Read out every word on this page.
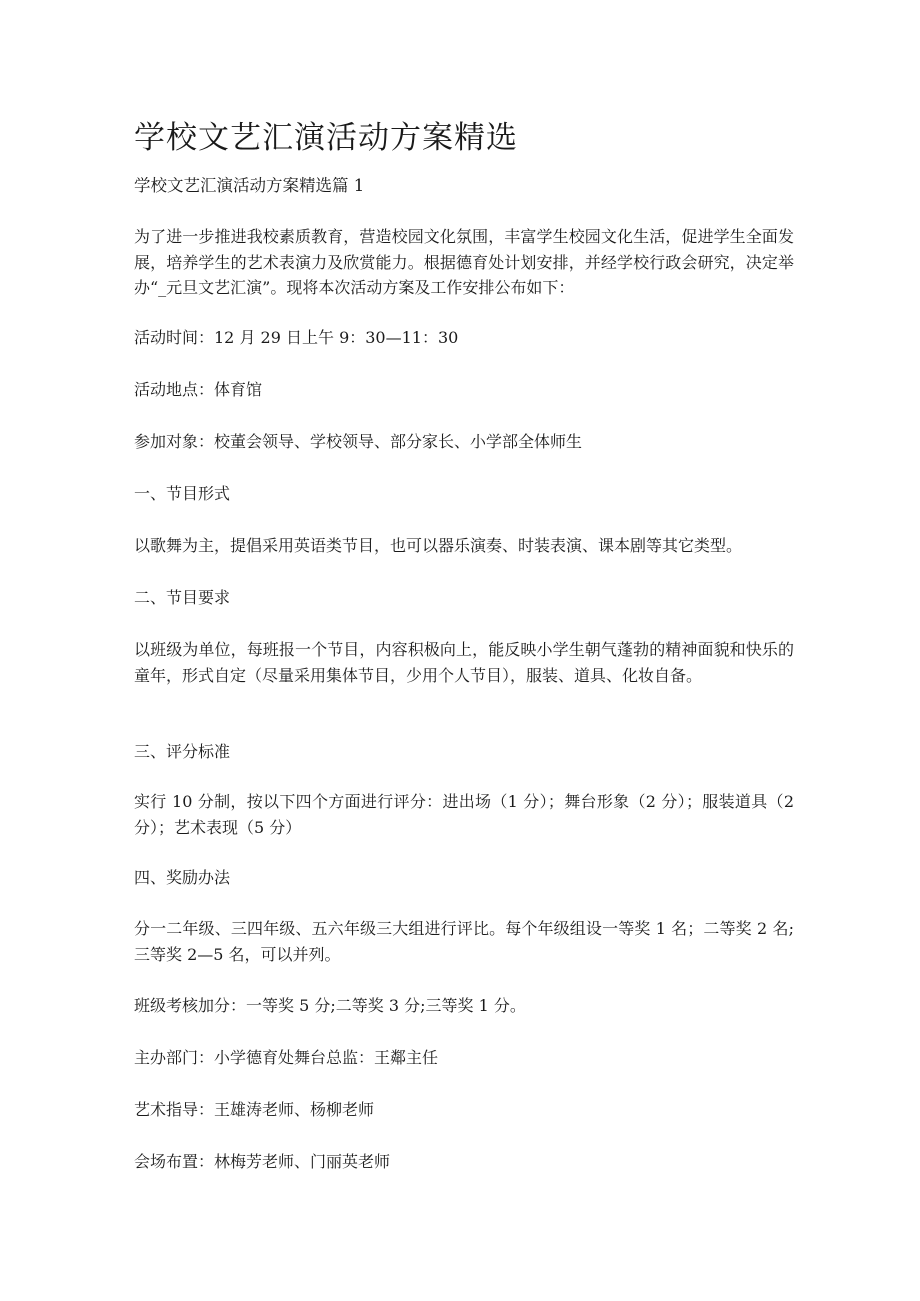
学校文艺汇演活动方案精选
学校文艺汇演活动方案精选篇 1

为了进一步推进我校素质教育，营造校园文化氛围，丰富学生校园文化生活，促进学生全面发展，培养学生的艺术表演力及欣赏能力。根据德育处计划安排，并经学校行政会研究，决定举办“_元旦文艺汇演”。现将本次活动方案及工作安排公布如下：

活动时间：12 月 29 日上午 9：30—11：30

活动地点：体育馆

参加对象：校董会领导、学校领导、部分家长、小学部全体师生

一、节目形式

以歌舞为主，提倡采用英语类节目，也可以器乐演奏、时装表演、课本剧等其它类型。

二、节目要求

以班级为单位，每班报一个节目，内容积极向上，能反映小学生朝气蓬勃的精神面貌和快乐的童年，形式自定（尽量采用集体节目，少用个人节目），服装、道具、化妆自备。

三、评分标准

实行 10 分制，按以下四个方面进行评分：进出场（1 分）；舞台形象（2 分）；服装道具（2 分）；艺术表现（5 分）

四、奖励办法

分一二年级、三四年级、五六年级三大组进行评比。每个年级组设一等奖 1 名；二等奖 2 名;三等奖 2—5 名，可以并列。

班级考核加分：一等奖 5 分;二等奖 3 分;三等奖 1 分。

主办部门：小学德育处舞台总监：王鄰主任

艺术指导：王雄涛老师、杨柳老师

会场布置：林梅芳老师、门丽英老师
